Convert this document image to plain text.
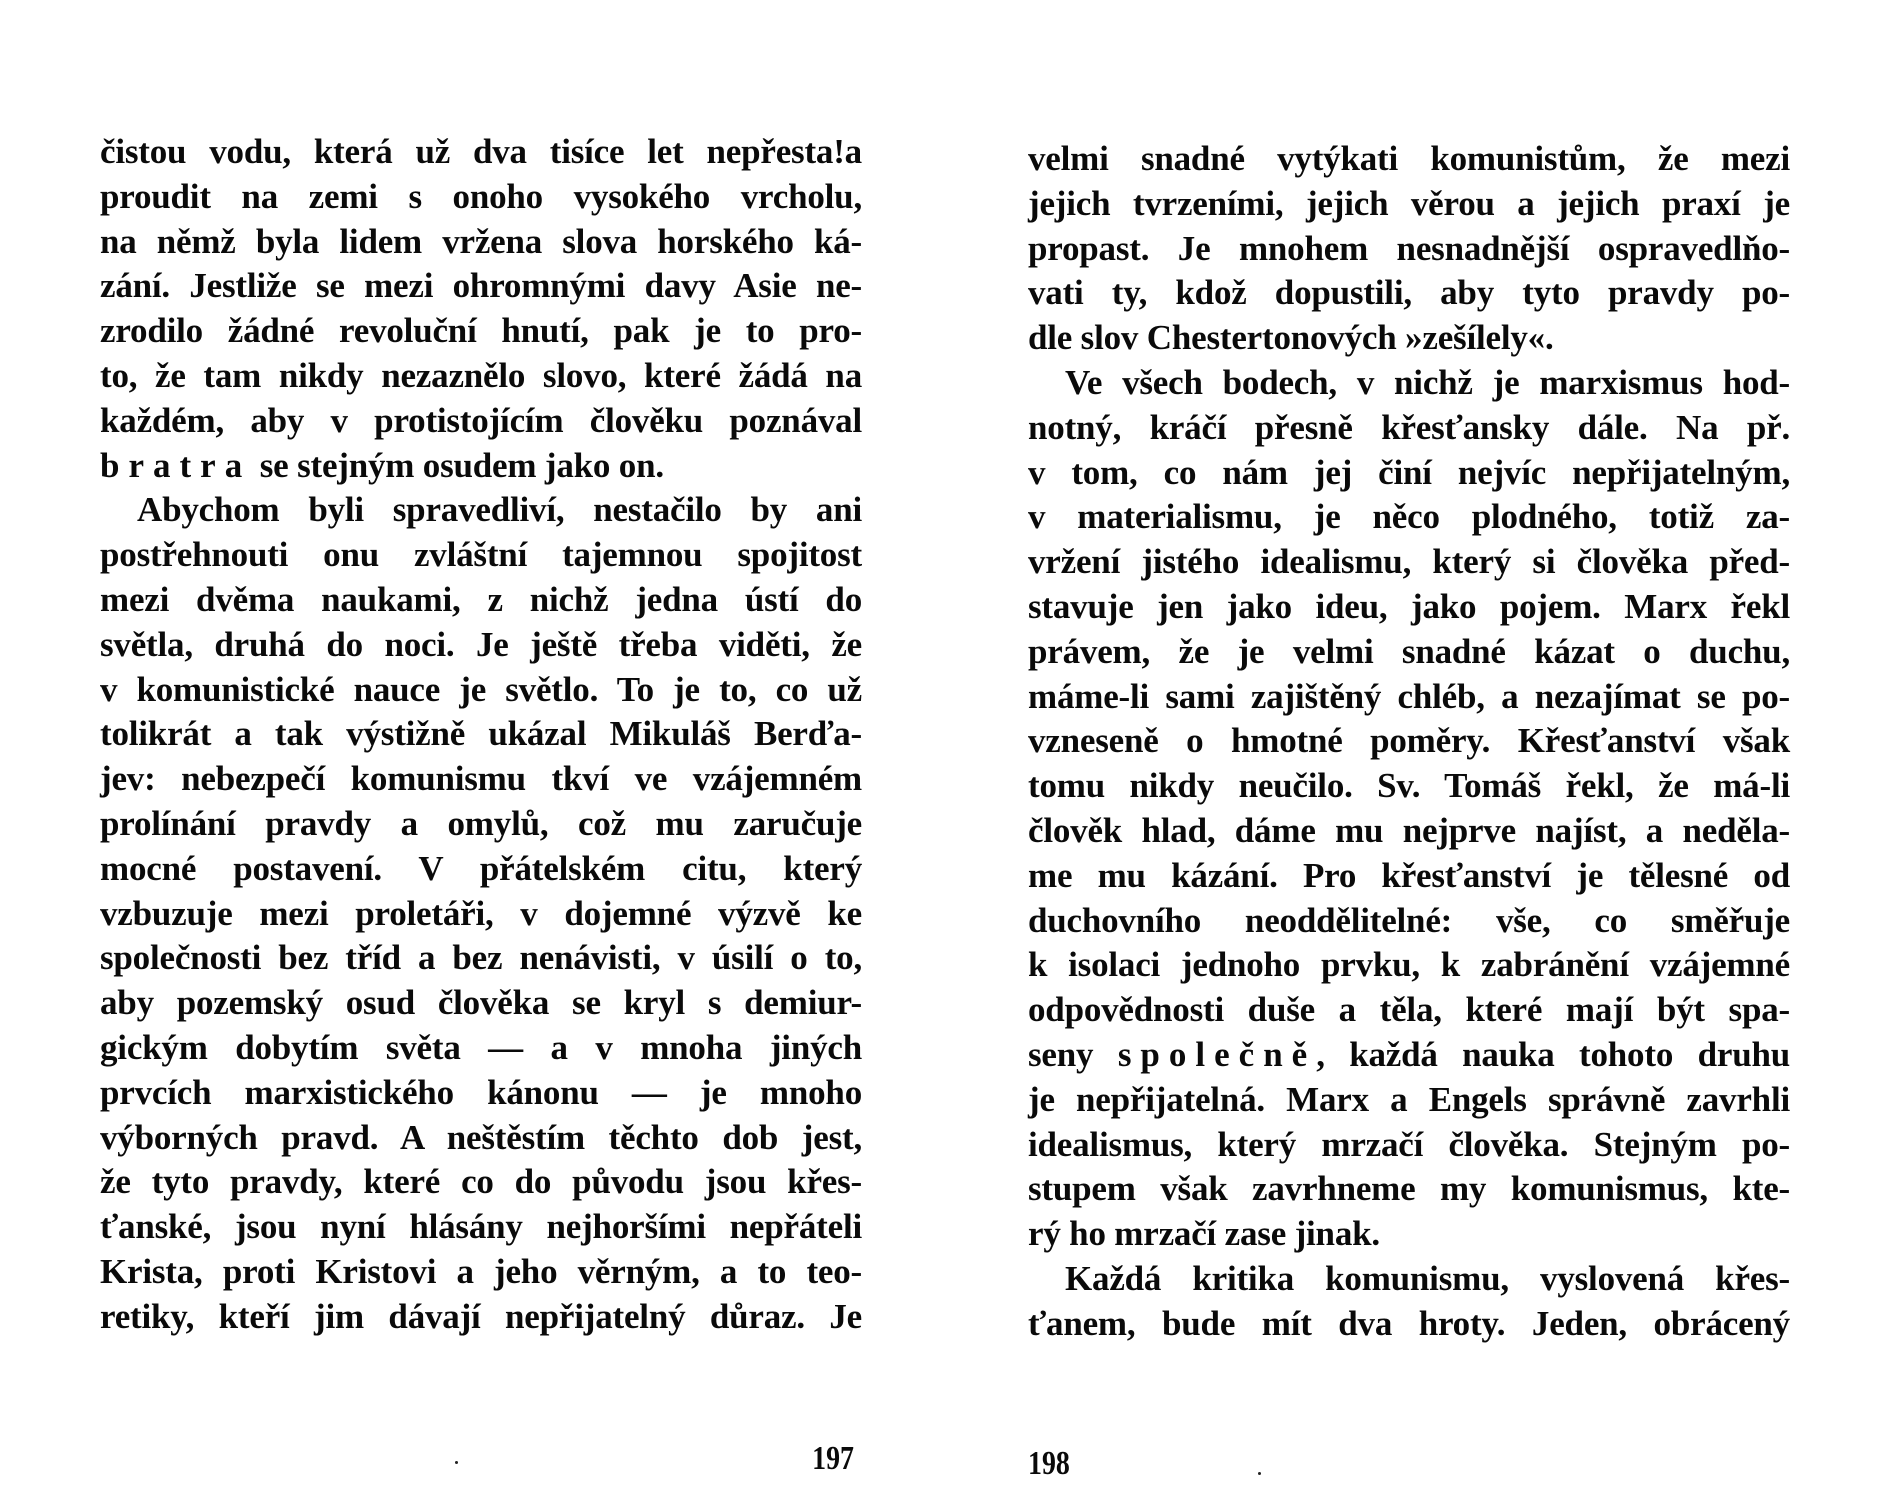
čistou vodu, která už dva tisíce let nepřesta!a
proudit na zemi s onoho vysokého vrcholu,
na němž byla lidem vržena slova horského ká-
zání. Jestliže se mezi ohromnými davy Asie ne-
zrodilo žádné revoluční hnutí, pak je to pro-
to, že tam nikdy nezaznělo slovo, které žádá na
každém, aby v protistojícím člověku poznával
bratra se stejným osudem jako on.
Abychom byli spravedliví, nestačilo by ani
postřehnouti onu zvláštní tajemnou spojitost
mezi dvěma naukami, z nichž jedna ústí do
světla, druhá do noci. Je ještě třeba viděti, že
v komunistické nauce je světlo. To je to, co už
tolikrát a tak výstižně ukázal Mikuláš Berďa-
jev: nebezpečí komunismu tkví ve vzájemném
prolínání pravdy a omylů, což mu zaručuje
mocné postavení. V přátelském citu, který
vzbuzuje mezi proletáři, v dojemné výzvě ke
společnosti bez tříd a bez nenávisti, v úsilí o to,
aby pozemský osud člověka se kryl s demiur-
gickým dobytím světa — a v mnoha jiných
prvcích marxistického kánonu — je mnoho
výborných pravd. A neštěstím těchto dob jest,
že tyto pravdy, které co do původu jsou křes-
ťanské, jsou nyní hlásány nejhoršími nepřáteli
Krista, proti Kristovi a jeho věrným, a to teo-
retiky, kteří jim dávají nepřijatelný důraz. Je
197
velmi snadné vytýkati komunistům, že mezi
jejich tvrzeními, jejich věrou a jejich praxí je
propast. Je mnohem nesnadnější ospravedlňo-
vati ty, kdož dopustili, aby tyto pravdy po-
dle slov Chestertonových »zešílely«.
Ve všech bodech, v nichž je marxismus hod-
notný, kráčí přesně křesťansky dále. Na př.
v tom, co nám jej činí nejvíc nepřijatelným,
v materialismu, je něco plodného, totiž za-
vržení jistého idealismu, který si člověka před-
stavuje jen jako ideu, jako pojem. Marx řekl
právem, že je velmi snadné kázat o duchu,
máme-li sami zajištěný chléb, a nezajímat se po-
vzneseně o hmotné poměry. Křesťanství však
tomu nikdy neučilo. Sv. Tomáš řekl, že má-li
člověk hlad, dáme mu nejprve najíst, a neděla-
me mu kázání. Pro křesťanství je tělesné od
duchovního neoddělitelné: vše, co směřuje
k isolaci jednoho prvku, k zabránění vzájemné
odpovědnosti duše a těla, které mají být spa-
seny společně, každá nauka tohoto druhu
je nepřijatelná. Marx a Engels správně zavrhli
idealismus, který mrzačí člověka. Stejným po-
stupem však zavrhneme my komunismus, kte-
rý ho mrzačí zase jinak.
Každá kritika komunismu, vyslovená křes-
ťanem, bude mít dva hroty. Jeden, obrácený
198
